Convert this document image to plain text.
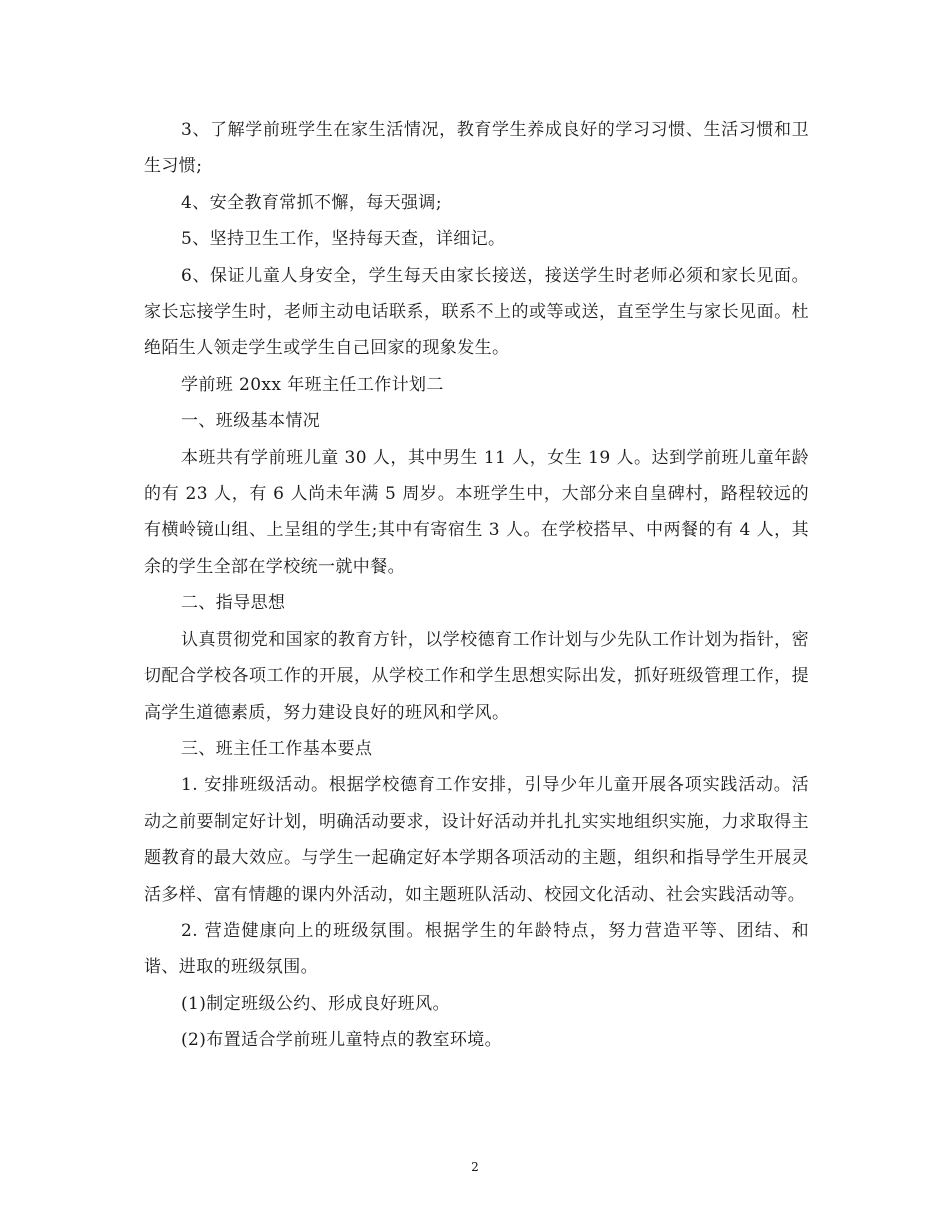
3、了解学前班学生在家生活情况，教育学生养成良好的学习习惯、生活习惯和卫生习惯;

4、安全教育常抓不懈，每天强调;

5、坚持卫生工作，坚持每天查，详细记。

6、保证儿童人身安全，学生每天由家长接送，接送学生时老师必须和家长见面。家长忘接学生时，老师主动电话联系，联系不上的或等或送，直至学生与家长见面。杜绝陌生人领走学生或学生自己回家的现象发生。

学前班 20xx 年班主任工作计划二

一、班级基本情况

本班共有学前班儿童 30 人，其中男生 11 人，女生 19 人。达到学前班儿童年龄的有 23 人，有 6 人尚未年满 5 周岁。本班学生中，大部分来自皇碑村，路程较远的有横岭镜山组、上呈组的学生;其中有寄宿生 3 人。在学校搭早、中两餐的有 4 人，其余的学生全部在学校统一就中餐。

二、指导思想

认真贯彻党和国家的教育方针，以学校德育工作计划与少先队工作计划为指针，密切配合学校各项工作的开展，从学校工作和学生思想实际出发，抓好班级管理工作，提高学生道德素质，努力建设良好的班风和学风。

三、班主任工作基本要点

1. 安排班级活动。根据学校德育工作安排，引导少年儿童开展各项实践活动。活动之前要制定好计划，明确活动要求，设计好活动并扎扎实实地组织实施，力求取得主题教育的最大效应。与学生一起确定好本学期各项活动的主题，组织和指导学生开展灵活多样、富有情趣的课内外活动，如主题班队活动、校园文化活动、社会实践活动等。

2. 营造健康向上的班级氛围。根据学生的年龄特点，努力营造平等、团结、和谐、进取的班级氛围。

(1)制定班级公约、形成良好班风。

(2)布置适合学前班儿童特点的教室环境。

2
